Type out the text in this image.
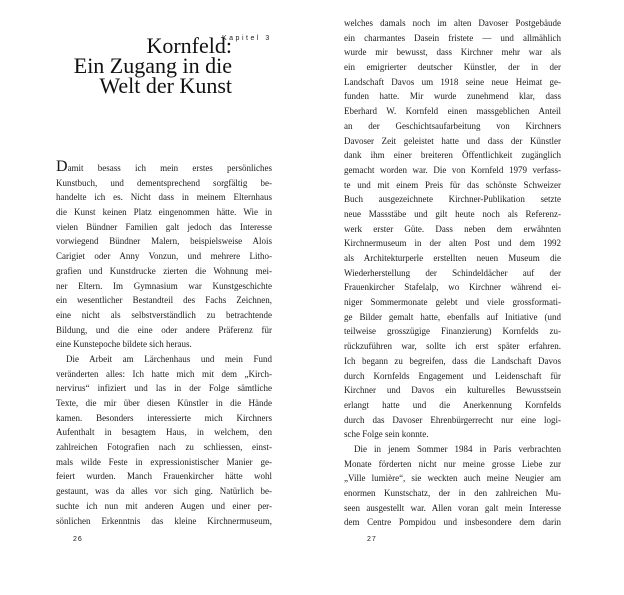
Kornfeld:
Ein Zugang in die
Welt der Kunst
Kapitel 3
Damit besass ich mein erstes persönliches
Kunstbuch, und dementsprechend sorgfältig be-
handelte ich es. Nicht dass in meinem Elternhaus
die Kunst keinen Platz eingenommen hätte. Wie in
vielen Bündner Familien galt jedoch das Interesse
vorwiegend Bündner Malern, beispielsweise Alois
Carigiet oder Anny Vonzun, und mehrere Litho-
grafien und Kunstdrucke zierten die Wohnung mei-
ner Eltern. Im Gymnasium war Kunstgeschichte
ein wesentlicher Bestandteil des Fachs Zeichnen,
eine nicht als selbstverständlich zu betrachtende
Bildung, und die eine oder andere Präferenz für
eine Kunstepoche bildete sich heraus.
Die Arbeit am Lärchenhaus und mein Fund
veränderten alles: Ich hatte mich mit dem „Kirch-
nervirus“ infiziert und las in der Folge sämtliche
Texte, die mir über diesen Künstler in die Hände
kamen. Besonders interessierte mich Kirchners
Aufenthalt in besagtem Haus, in welchem, den
zahlreichen Fotografien nach zu schliessen, einst-
mals wilde Feste in expressionistischer Manier ge-
feiert wurden. Manch Frauenkircher hätte wohl
gestaunt, was da alles vor sich ging. Natürlich be-
suchte ich nun mit anderen Augen und einer per-
sönlichen Erkenntnis das kleine Kirchnermuseum,
26
welches damals noch im alten Davoser Postgebäude
ein charmantes Dasein fristete — und allmählich
wurde mir bewusst, dass Kirchner mehr war als
ein emigrierter deutscher Künstler, der in der
Landschaft Davos um 1918 seine neue Heimat ge-
funden hatte. Mir wurde zunehmend klar, dass
Eberhard W. Kornfeld einen massgeblichen Anteil
an der Geschichtsaufarbeitung von Kirchners
Davoser Zeit geleistet hatte und dass der Künstler
dank ihm einer breiteren Öffentlichkeit zugänglich
gemacht worden war. Die von Kornfeld 1979 verfass-
te und mit einem Preis für das schönste Schweizer
Buch ausgezeichnete Kirchner-Publikation setzte
neue Massstäbe und gilt heute noch als Referenz-
werk erster Güte. Dass neben dem erwähnten
Kirchnermuseum in der alten Post und dem 1992
als Architekturperle erstellten neuen Museum die
Wiederherstellung der Schindeldächer auf der
Frauenkircher Stafelalp, wo Kirchner während ei-
niger Sommermonate gelebt und viele grossformati-
ge Bilder gemalt hatte, ebenfalls auf Initiative (und
teilweise grosszügige Finanzierung) Kornfelds zu-
rückzuführen war, sollte ich erst später erfahren.
Ich begann zu begreifen, dass die Landschaft Davos
durch Kornfelds Engagement und Leidenschaft für
Kirchner und Davos ein kulturelles Bewusstsein
erlangt hatte und die Anerkennung Kornfelds
durch das Davoser Ehrenbürgerrecht nur eine logi-
sche Folge sein konnte.
Die in jenem Sommer 1984 in Paris verbrachten
Monate förderten nicht nur meine grosse Liebe zur
„Ville lumière“, sie weckten auch meine Neugier am
enormen Kunstschatz, der in den zahlreichen Mu-
seen ausgestellt war. Allen voran galt mein Interesse
dem Centre Pompidou und insbesondere dem darin
27
